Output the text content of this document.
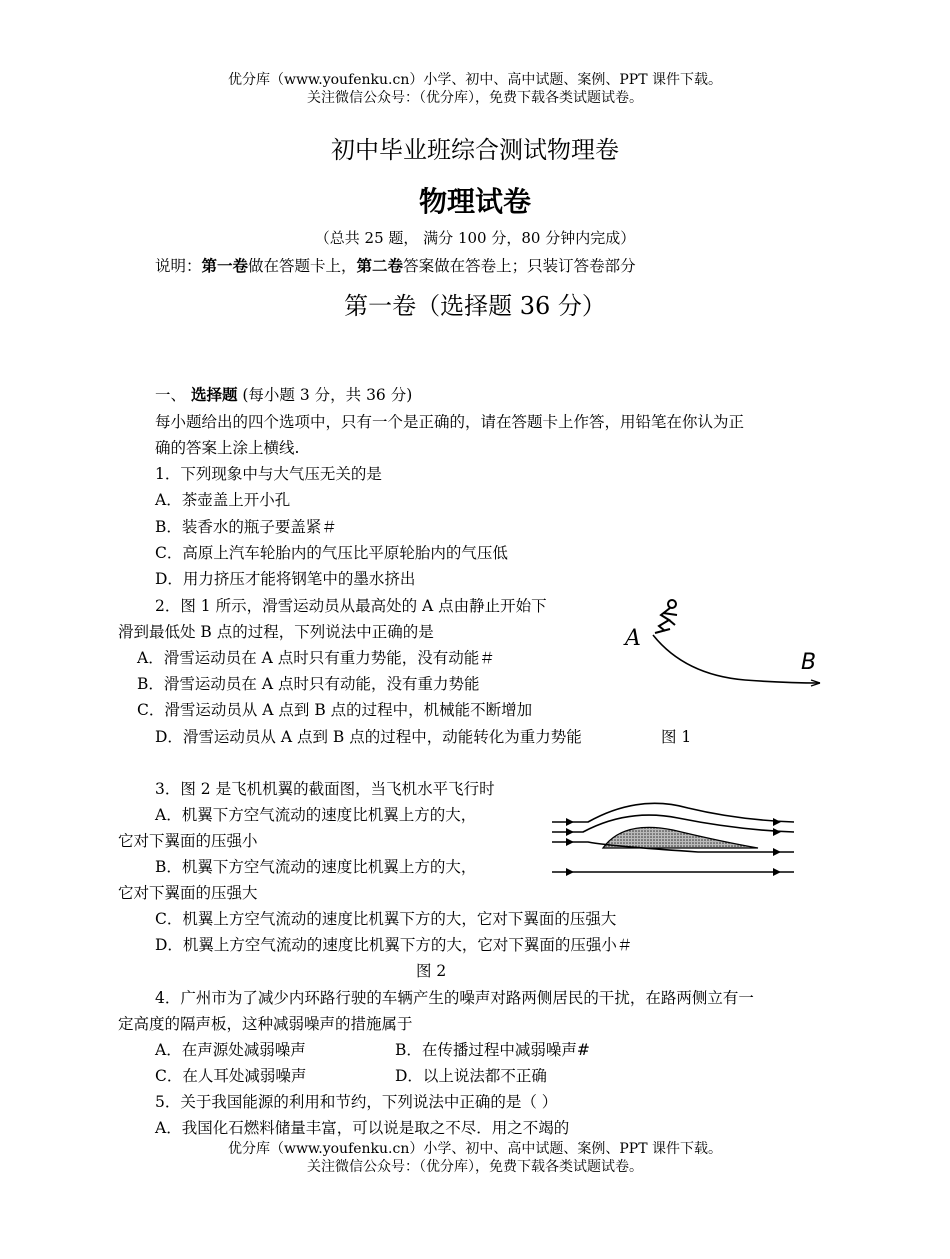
优分库（www.youfenku.cn）小学、初中、高中试题、案例、PPT 课件下载。
关注微信公众号：（优分库），免费下载各类试题试卷。
初中毕业班综合测试物理卷
物理试卷
（总共 25 题， 满分 100 分，80 分钟内完成）
说明：第一卷做在答题卡上，第二卷答案做在答卷上；只装订答卷部分
第一卷（选择题 36 分）
一、 选择题 (每小题 3 分，共 36 分)
每小题给出的四个选项中，只有一个是正确的，请在答题卡上作答，用铅笔在你认为正
确的答案上涂上横线.
1．下列现象中与大气压无关的是
A．茶壶盖上开小孔
B．装香水的瓶子要盖紧＃
C．高原上汽车轮胎内的气压比平原轮胎内的气压低
D．用力挤压才能将钢笔中的墨水挤出
2．图 1 所示，滑雪运动员从最高处的 A 点由静止开始下
滑到最低处 B 点的过程，下列说法中正确的是
A．滑雪运动员在 A 点时只有重力势能，没有动能＃
B．滑雪运动员在 A 点时只有动能，没有重力势能
C．滑雪运动员从 A 点到 B 点的过程中，机械能不断增加
D．滑雪运动员从 A 点到 B 点的过程中，动能转化为重力势能	图 1
A
B
3．图 2 是飞机机翼的截面图，当飞机水平飞行时
A．机翼下方空气流动的速度比机翼上方的大，
它对下翼面的压强小
B．机翼下方空气流动的速度比机翼上方的大，
它对下翼面的压强大
C．机翼上方空气流动的速度比机翼下方的大，它对下翼面的压强大
D．机翼上方空气流动的速度比机翼下方的大，它对下翼面的压强小＃
图 2
4．广州市为了减少内环路行驶的车辆产生的噪声对路两侧居民的干扰，在路两侧立有一
定高度的隔声板，这种减弱噪声的措施属于
A．在声源处减弱噪声	B．在传播过程中减弱噪声#
C．在人耳处减弱噪声	D．以上说法都不正确
5．关于我国能源的利用和节约，下列说法中正确的是（ ）
A．我国化石燃料储量丰富，可以说是取之不尽．用之不竭的
优分库（www.youfenku.cn）小学、初中、高中试题、案例、PPT 课件下载。
关注微信公众号：（优分库），免费下载各类试题试卷。
